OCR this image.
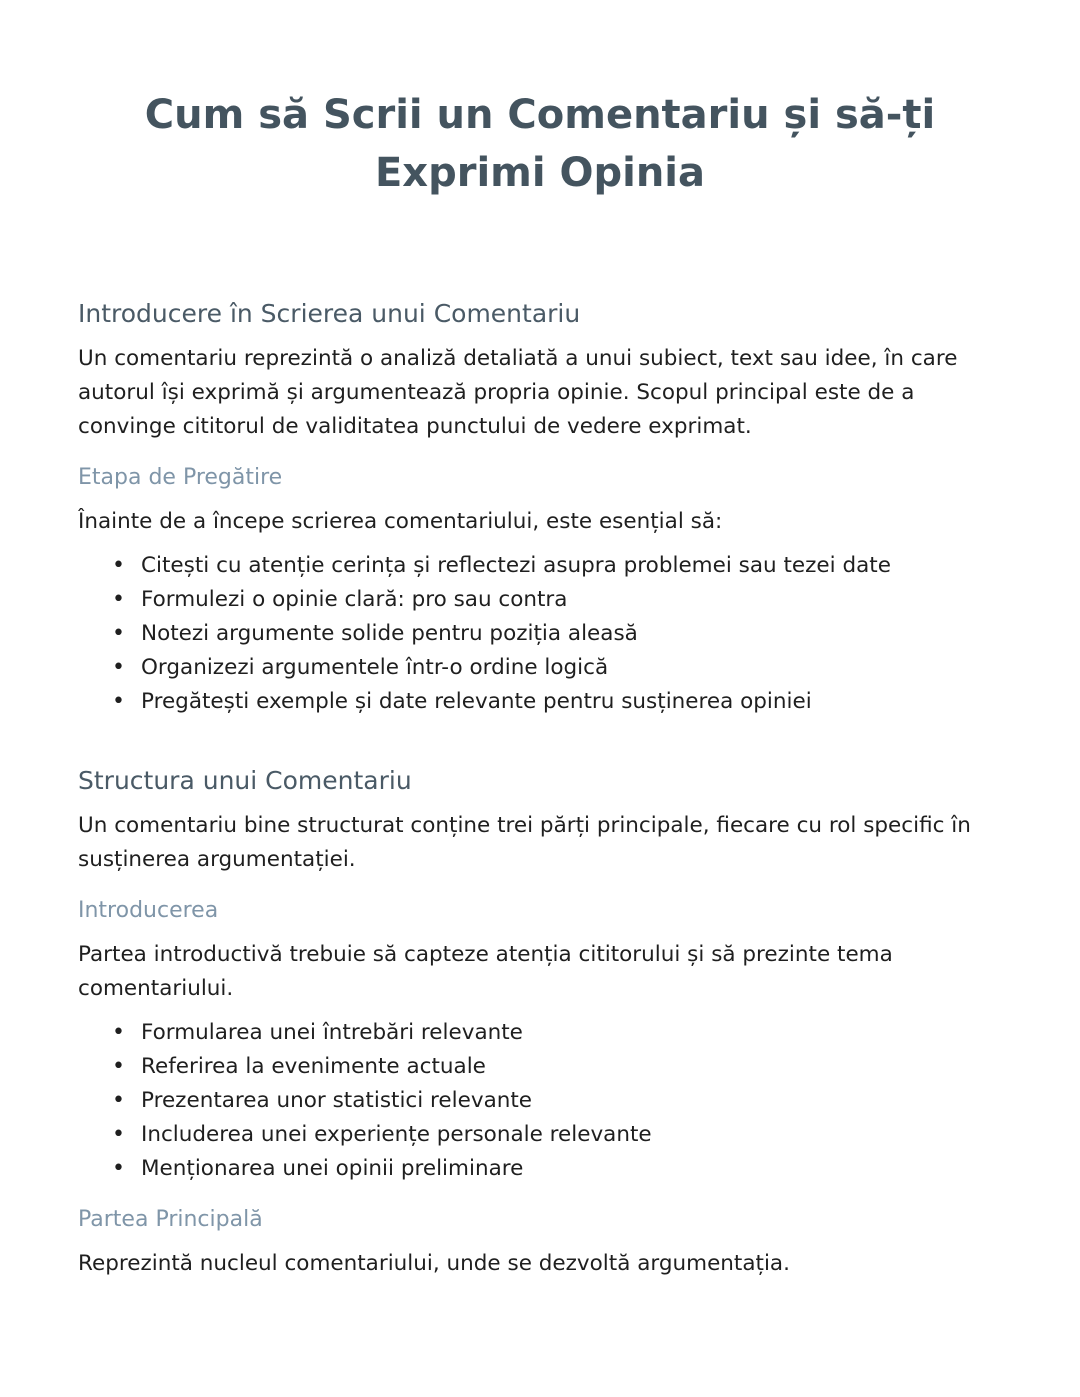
Cum să Scrii un Comentariu și să-ți Exprimi Opinia
Introducere în Scrierea unui Comentariu

Un comentariu reprezintă o analiză detaliată a unui subiect, text sau idee, în care autorul își exprimă și argumentează propria opinie. Scopul principal este de a convinge cititorul de validitatea punctului de vedere exprimat.

Etapa de Pregătire

Înainte de a începe scrierea comentariului, este esențial să:

• Citești cu atenție cerința și reflectezi asupra problemei sau tezei date
• Formulezi o opinie clară: pro sau contra
• Notezi argumente solide pentru poziția aleasă
• Organizezi argumentele într-o ordine logică
• Pregătești exemple și date relevante pentru susținerea opiniei
Structura unui Comentariu

Un comentariu bine structurat conține trei părți principale, fiecare cu rol specific în susținerea argumentației.

Introducerea

Partea introductivă trebuie să capteze atenția cititorului și să prezinte tema comentariului.

• Formularea unei întrebări relevante
• Referirea la evenimente actuale
• Prezentarea unor statistici relevante
• Includerea unei experiențe personale relevante
• Menționarea unei opinii preliminare
Partea Principală

Reprezintă nucleul comentariului, unde se dezvoltă argumentația.
